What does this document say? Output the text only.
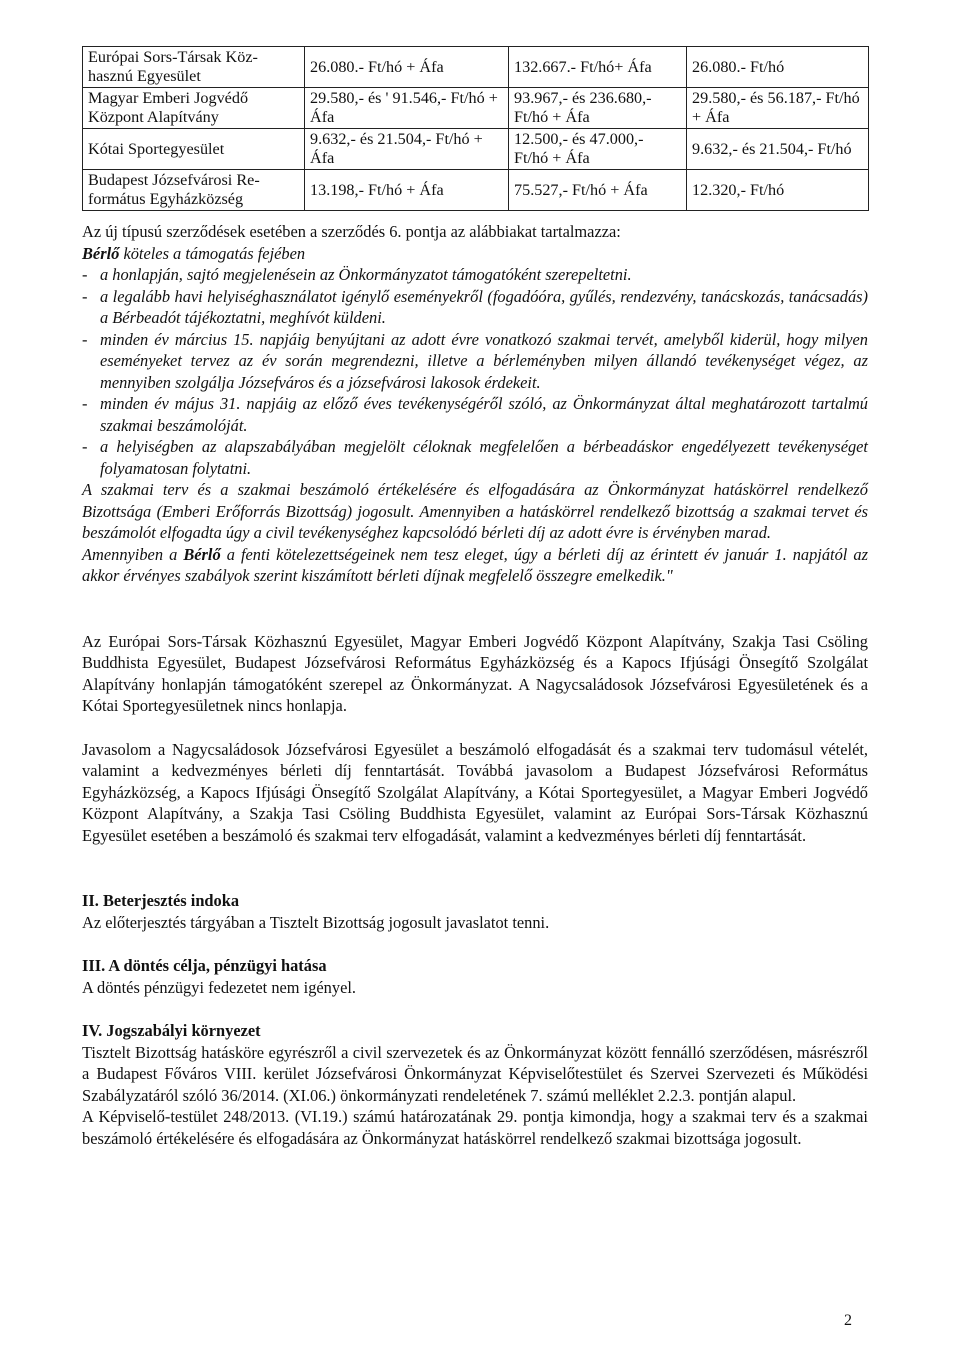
Európai Sors-Társak Köz-hasznú Egyesület	26.080.- Ft/hó + Áfa	132.667.- Ft/hó+ Áfa	26.080.- Ft/hó
Magyar Emberi Jogvédő Központ Alapítvány	29.580,- és ' 91.546,- Ft/hó + Áfa	93.967,- és 236.680,- Ft/hó + Áfa	29.580,- és 56.187,- Ft/hó + Áfa
Kótai Sportegyesület	9.632,- és 21.504,- Ft/hó + Áfa	12.500,- és 47.000,- Ft/hó + Áfa	9.632,- és 21.504,- Ft/hó
Budapest Józsefvárosi Re-formátus Egyházközség	13.198,- Ft/hó + Áfa	75.527,- Ft/hó + Áfa	12.320,- Ft/hó

Az új típusú szerződések esetében a szerződés 6. pontja az alábbiakat tartalmazza:

Bérlő köteles a támogatás fejében

- a honlapján, sajtó megjelenésein az Önkormányzatot támogatóként szerepeltetni.
- a legalább havi helyiséghasználatot igénylő eseményekről (fogadóóra, gyűlés, rendezvény, tanácskozás, tanácsadás) a Bérbeadót tájékoztatni, meghívót küldeni.
- minden év március 15. napjáig benyújtani az adott évre vonatkozó szakmai tervét, amelyből kiderül, hogy milyen eseményeket tervez az év során megrendezni, illetve a bérleményben milyen állandó tevékenységet végez, az mennyiben szolgálja Józsefváros és a józsefvárosi lakosok érdekeit.
- minden év május 31. napjáig az előző éves tevékenységéről szóló, az Önkormányzat által meghatározott tartalmú szakmai beszámolóját.
- a helyiségben az alapszabályában megjelölt céloknak megfelelően a bérbeadáskor engedélyezett tevékenységet folyamatosan folytatni.

A szakmai terv és a szakmai beszámoló értékelésére és elfogadására az Önkormányzat hatáskörrel rendelkező Bizottsága (Emberi Erőforrás Bizottság) jogosult. Amennyiben a hatáskörrel rendelkező bizottság a szakmai tervet és beszámolót elfogadta úgy a civil tevékenységhez kapcsolódó bérleti díj az adott évre is érvényben marad.

Amennyiben a Bérlő a fenti kötelezettségeinek nem tesz eleget, úgy a bérleti díj az érintett év január 1. napjától az akkor érvényes szabályok szerint kiszámított bérleti díjnak megfelelő összegre emelkedik."

Az Európai Sors-Társak Közhasznú Egyesület, Magyar Emberi Jogvédő Központ Alapítvány, Szakja Tasi Csöling Buddhista Egyesület, Budapest Józsefvárosi Református Egyházközség és a Kapocs Ifjúsági Önsegítő Szolgálat Alapítvány honlapján támogatóként szerepel az Önkormányzat. A Nagycsaládosok Józsefvárosi Egyesületének és a Kótai Sportegyesületnek nincs honlapja.

Javasolom a Nagycsaládosok Józsefvárosi Egyesület a beszámoló elfogadását és a szakmai terv tudomásul vételét, valamint a kedvezményes bérleti díj fenntartását. Továbbá javasolom a Budapest Józsefvárosi Református Egyházközség, a Kapocs Ifjúsági Önsegítő Szolgálat Alapítvány, a Kótai Sportegyesület, a Magyar Emberi Jogvédő Központ Alapítvány, a Szakja Tasi Csöling Buddhista Egyesület, valamint az Európai Sors-Társak Közhasznú Egyesület esetében a beszámoló és szakmai terv elfogadását, valamint a kedvezményes bérleti díj fenntartását.

II. Beterjesztés indoka

Az előterjesztés tárgyában a Tisztelt Bizottság jogosult javaslatot tenni.

III. A döntés célja, pénzügyi hatása

A döntés pénzügyi fedezetet nem igényel.

IV. Jogszabályi környezet

Tisztelt Bizottság hatásköre egyrészről a civil szervezetek és az Önkormányzat között fennálló szerződésen, másrészről a Budapest Főváros VIII. kerület Józsefvárosi Önkormányzat Képviselőtestület és Szervei Szervezeti és Működési Szabályzatáról szóló 36/2014. (XI.06.) önkormányzati rendeletének 7. számú melléklet 2.2.3. pontján alapul.

A Képviselő-testület 248/2013. (VI.19.) számú határozatának 29. pontja kimondja, hogy a szakmai terv és a szakmai beszámoló értékelésére és elfogadására az Önkormányzat hatáskörrel rendelkező szakmai bizottsága jogosult.

2
